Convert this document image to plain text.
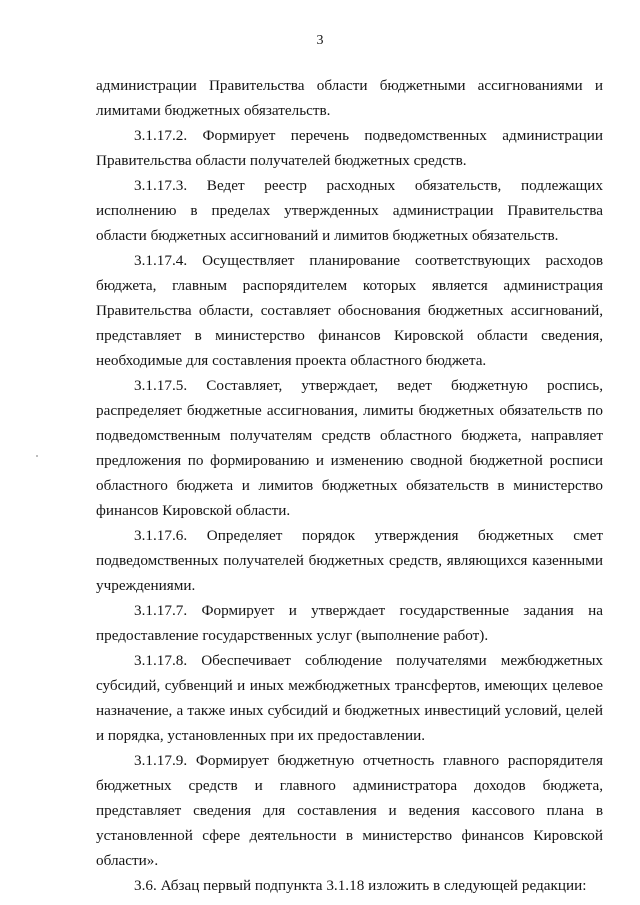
3

администрации Правительства области бюджетными ассигнованиями и лимитами бюджетных обязательств.

3.1.17.2. Формирует перечень подведомственных администрации Правительства области получателей бюджетных средств.

3.1.17.3. Ведет реестр расходных обязательств, подлежащих исполнению в пределах утвержденных администрации Правительства области бюджетных ассигнований и лимитов бюджетных обязательств.

3.1.17.4. Осуществляет планирование соответствующих расходов бюджета, главным распорядителем которых является администрация Правительства области, составляет обоснования бюджетных ассигнований, представляет в министерство финансов Кировской области сведения, необходимые для составления проекта областного бюджета.

3.1.17.5. Составляет, утверждает, ведет бюджетную роспись, распределяет бюджетные ассигнования, лимиты бюджетных обязательств по подведомственным получателям средств областного бюджета, направляет предложения по формированию и изменению сводной бюджетной росписи областного бюджета и лимитов бюджетных обязательств в министерство финансов Кировской области.

3.1.17.6. Определяет порядок утверждения бюджетных смет подведомственных получателей бюджетных средств, являющихся казенными учреждениями.

3.1.17.7. Формирует и утверждает государственные задания на предоставление государственных услуг (выполнение работ).

3.1.17.8. Обеспечивает соблюдение получателями межбюджетных субсидий, субвенций и иных межбюджетных трансфертов, имеющих целевое назначение, а также иных субсидий и бюджетных инвестиций условий, целей и порядка, установленных при их предоставлении.

3.1.17.9. Формирует бюджетную отчетность главного распорядителя бюджетных средств и главного администратора доходов бюджета, представляет сведения для составления и ведения кассового плана в установленной сфере деятельности в министерство финансов Кировской области».

3.6. Абзац первый подпункта 3.1.18 изложить в следующей редакции:
